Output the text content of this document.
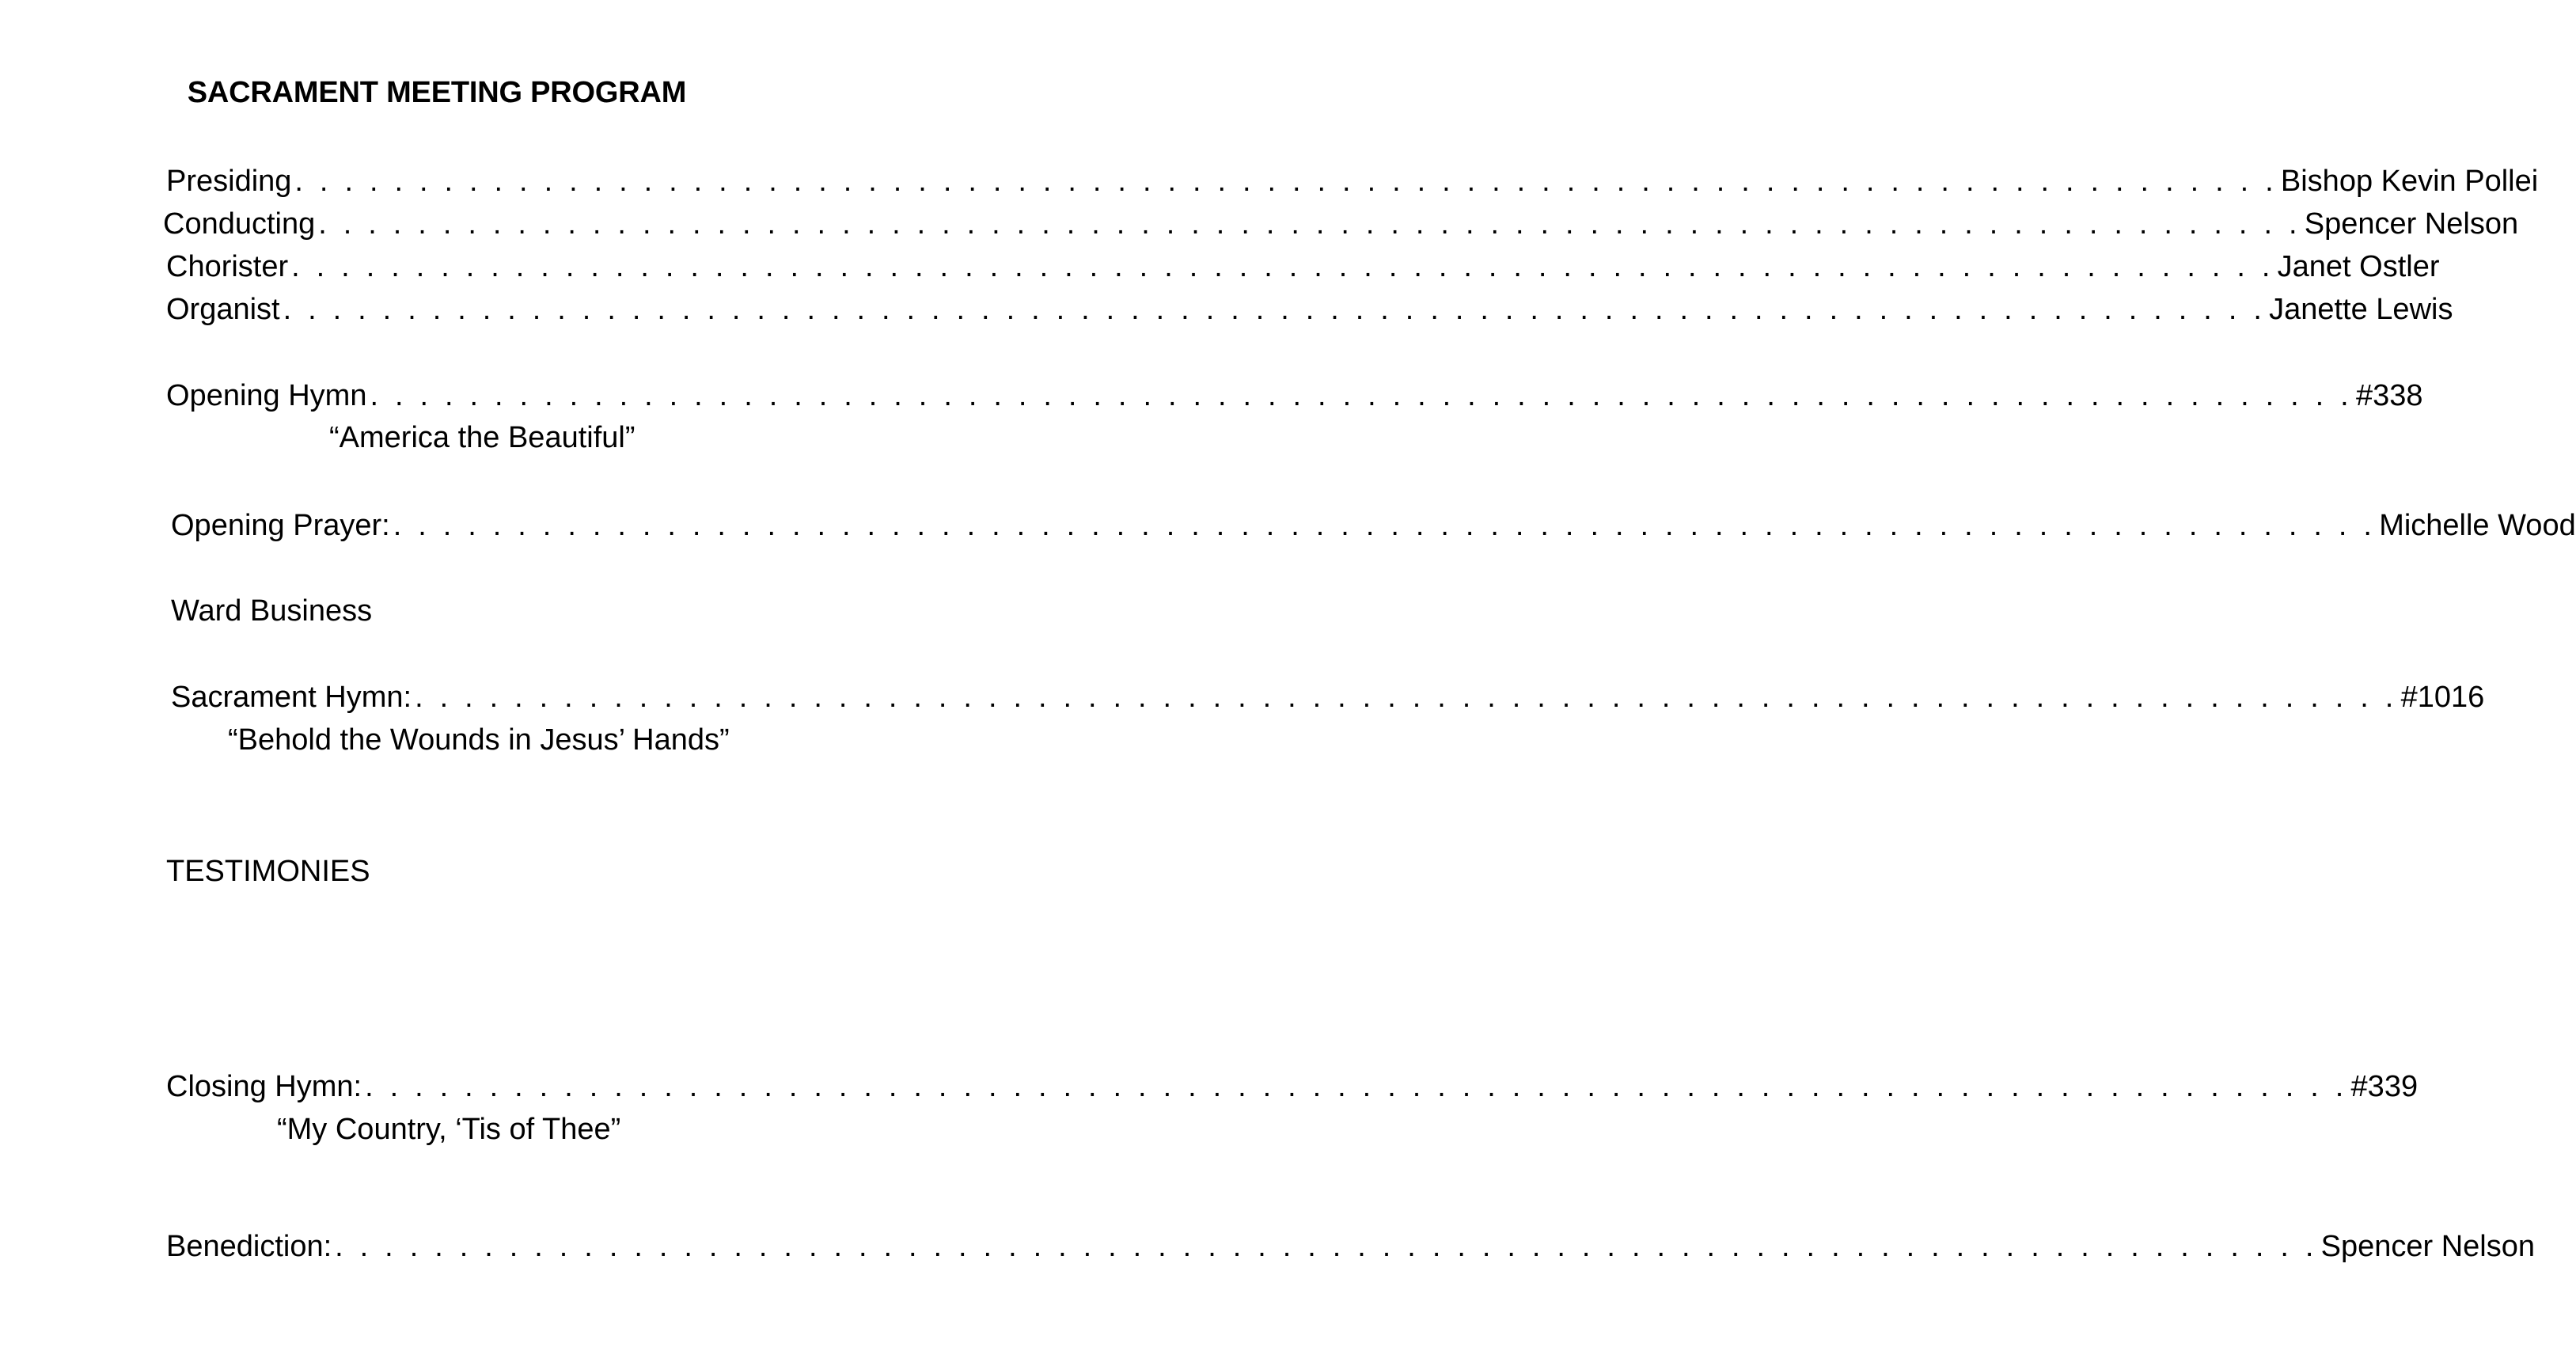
SACRAMENT MEETING PROGRAM
Presiding . . . . . . . . . . . . . . . . . . . . . . . . . . . . . . . . . . . . . . . . . . . . . . . . . . . . . . . . . . . . . . . . . . . . . . . . . . . . . . . . Bishop Kevin Pollei
Conducting . . . . . . . . . . . . . . . . . . . . . . . . . . . . . . . . . . . . . . . . . . . . . . . . . . . . . . . . . . . . . . . . . . . . . . . . . . . . . . . . Spencer Nelson
Chorister . . . . . . . . . . . . . . . . . . . . . . . . . . . . . . . . . . . . . . . . . . . . . . . . . . . . . . . . . . . . . . . . . . . . . . . . . . . . . . . . Janet Ostler
Organist . . . . . . . . . . . . . . . . . . . . . . . . . . . . . . . . . . . . . . . . . . . . . . . . . . . . . . . . . . . . . . . . . . . . . . . . . . . . . . . . Janette Lewis
Opening Hymn . . . . . . . . . . . . . . . . . . . . . . . . . . . . . . . . . . . . . . . . . . . . . . . . . . . . . . . . . . . . . . . . . . . . . . . . . . . . . . . . #338
“America the Beautiful”
Opening Prayer: . . . . . . . . . . . . . . . . . . . . . . . . . . . . . . . . . . . . . . . . . . . . . . . . . . . . . . . . . . . . . . . . . . . . . . . . . . . . . . . . Michelle Wood
Ward Business
Sacrament Hymn: . . . . . . . . . . . . . . . . . . . . . . . . . . . . . . . . . . . . . . . . . . . . . . . . . . . . . . . . . . . . . . . . . . . . . . . . . . . . . . . . #1016
“Behold the Wounds in Jesus’ Hands”
TESTIMONIES
Closing Hymn: . . . . . . . . . . . . . . . . . . . . . . . . . . . . . . . . . . . . . . . . . . . . . . . . . . . . . . . . . . . . . . . . . . . . . . . . . . . . . . . . #339
“My Country, ‘Tis of Thee”
Benediction: . . . . . . . . . . . . . . . . . . . . . . . . . . . . . . . . . . . . . . . . . . . . . . . . . . . . . . . . . . . . . . . . . . . . . . . . . . . . . . . . Spencer Nelson
